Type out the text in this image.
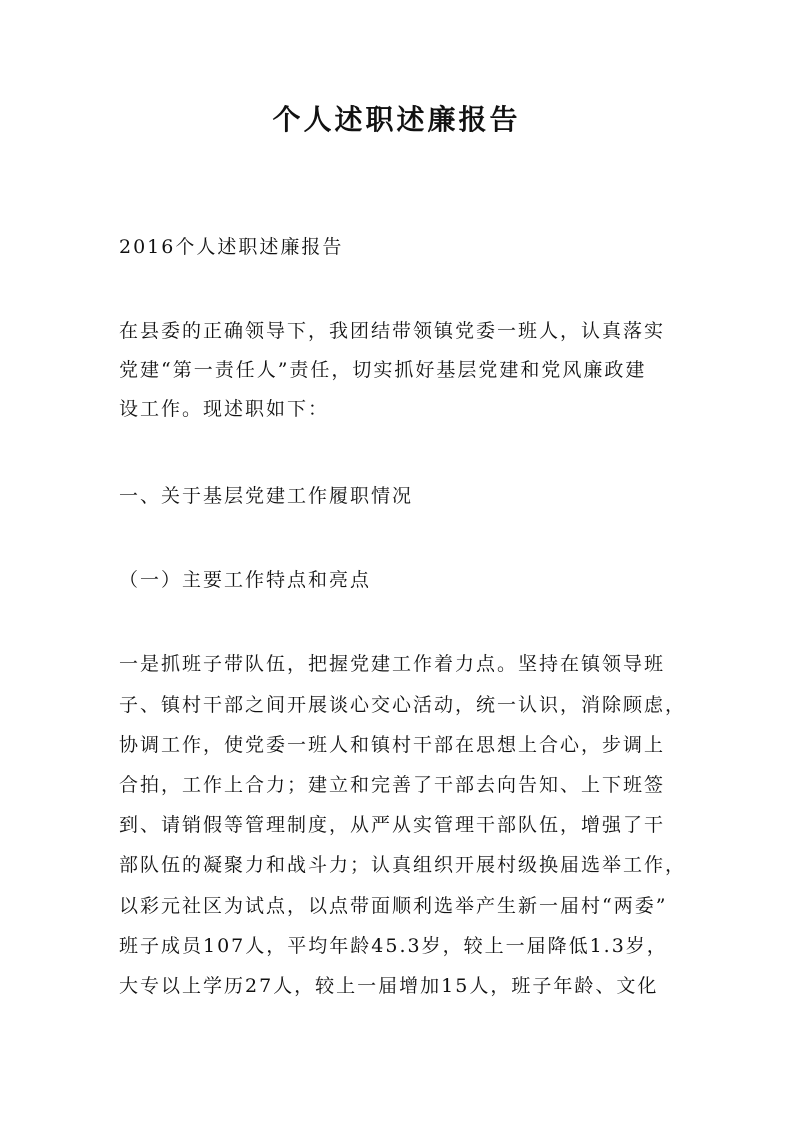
个人述职述廉报告

2016个人述职述廉报告

在县委的正确领导下，我团结带领镇党委一班人，认真落实

党建“第一责任人”责任，切实抓好基层党建和党风廉政建

设工作。现述职如下：

一、关于基层党建工作履职情况

（一）主要工作特点和亮点

一是抓班子带队伍，把握党建工作着力点。坚持在镇领导班

子、镇村干部之间开展谈心交心活动，统一认识，消除顾虑，

协调工作，使党委一班人和镇村干部在思想上合心，步调上

合拍，工作上合力；建立和完善了干部去向告知、上下班签

到、请销假等管理制度，从严从实管理干部队伍，增强了干

部队伍的凝聚力和战斗力；认真组织开展村级换届选举工作，

以彩元社区为试点，以点带面顺利选举产生新一届村“两委”

班子成员107人，平均年龄45.3岁，较上一届降低1.3岁，

大专以上学历27人，较上一届增加15人，班子年龄、文化
